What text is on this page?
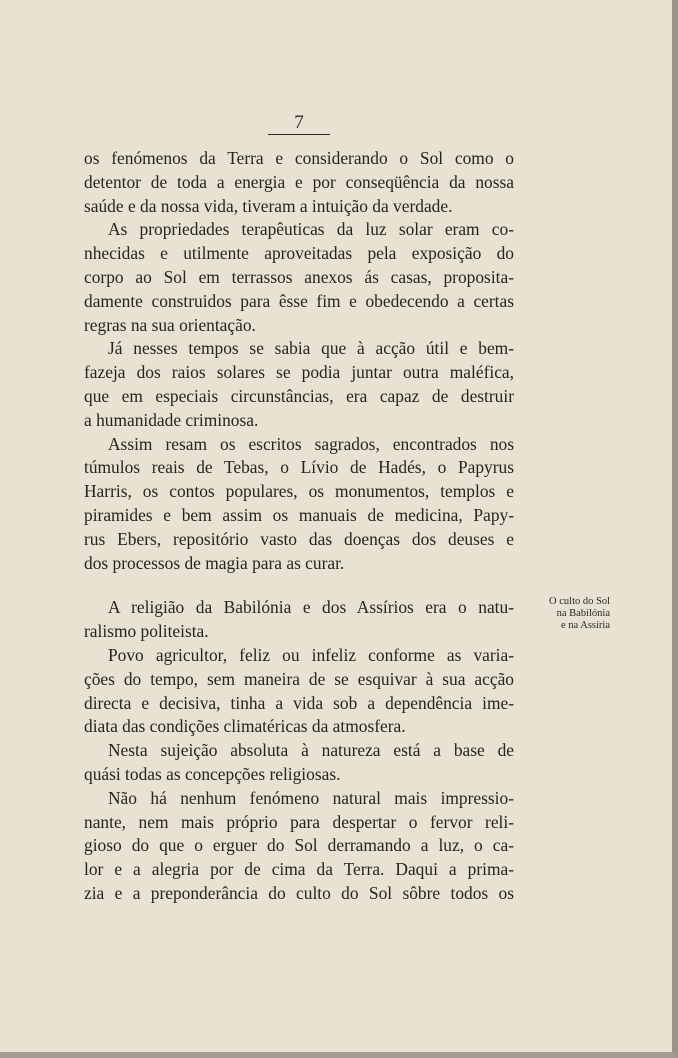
7
os fenómenos da Terra e considerando o Sol como o
detentor de toda a energia e por conseqüência da nossa
saúde e da nossa vida, tiveram a intuição da verdade.
As propriedades terapêuticas da luz solar eram co-
nhecidas e utilmente aproveitadas pela exposição do
corpo ao Sol em terrassos anexos ás casas, propositа-
damente construidos para êsse fim e obedecendo a certas
regras na sua orientação.
Já nesses tempos se sabia que à acção útil e bem-
fazeja dos raios solares se podia juntar outra maléfica,
que em especiais circunstâncias, era capaz de destruir
a humanidade criminosa.
Assim resam os escritos sagrados, encontrados nos
túmulos reais de Tebas, o Lívio de Hadés, o Papyrus
Harris, os contos populares, os monumentos, templos e
piramides e bem assim os manuais de medicina, Papy-
rus Ebers, repositório vasto das doenças dos deuses e
dos processos de magia para as curar.
A religião da Babilónia e dos Assírios era o natu-
ralismo politeista.
Povo agricultor, feliz ou infeliz conforme as varia-
ções do tempo, sem maneira de se esquivar à sua acção
directa e decisiva, tinha a vida sob a dependência ime-
diata das condições climatéricas da atmosfera.
Nesta sujeição absoluta à natureza está a base de
quási todas as concepções religiosas.
Não há nenhum fenómeno natural mais impressio-
nante, nem mais próprio para despertar o fervor reli-
gioso do que o erguer do Sol derramando a luz, o ca-
lor e a alegria por de cima da Terra. Daqui a prima-
zia e a preponderância do culto do Sol sôbre todos os
O culto do Sol
na Babilónia
e na Assíria
